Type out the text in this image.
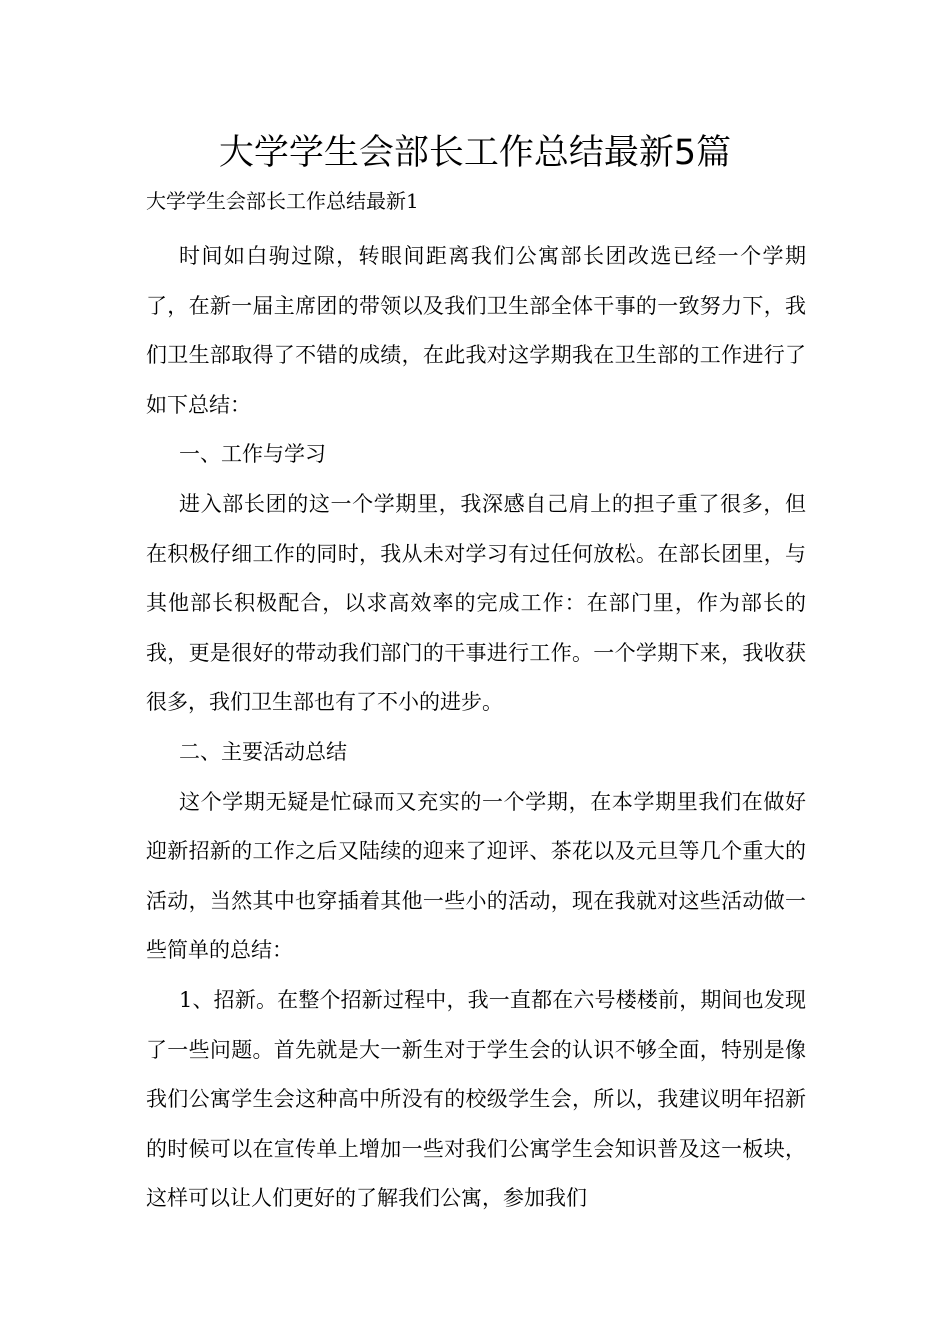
大学学生会部长工作总结最新5篇
大学学生会部长工作总结最新1

时间如白驹过隙，转眼间距离我们公寓部长团改选已经一个学期了，在新一届主席团的带领以及我们卫生部全体干事的一致努力下，我们卫生部取得了不错的成绩，在此我对这学期我在卫生部的工作进行了如下总结：

一、工作与学习

进入部长团的这一个学期里，我深感自己肩上的担子重了很多，但在积极仔细工作的同时，我从未对学习有过任何放松。在部长团里，与其他部长积极配合，以求高效率的完成工作：在部门里，作为部长的我，更是很好的带动我们部门的干事进行工作。一个学期下来，我收获很多，我们卫生部也有了不小的进步。

二、主要活动总结

这个学期无疑是忙碌而又充实的一个学期，在本学期里我们在做好迎新招新的工作之后又陆续的迎来了迎评、茶花以及元旦等几个重大的活动，当然其中也穿插着其他一些小的活动，现在我就对这些活动做一些简单的总结：

1、招新。在整个招新过程中，我一直都在六号楼楼前，期间也发现了一些问题。首先就是大一新生对于学生会的认识不够全面，特别是像我们公寓学生会这种高中所没有的校级学生会，所以，我建议明年招新的时候可以在宣传单上增加一些对我们公寓学生会知识普及这一板块，这样可以让人们更好的了解我们公寓，参加我们
